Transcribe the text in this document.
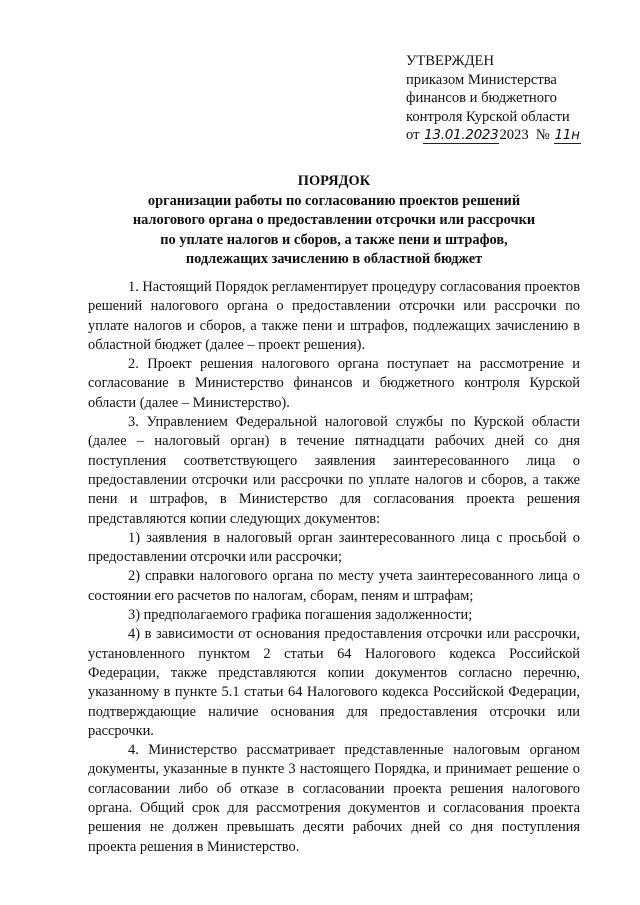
УТВЕРЖДЕН
приказом Министерства
финансов и бюджетного
контроля Курской области
от 13.01.20232023 № 11н
ПОРЯДОК
организации работы по согласованию проектов решений
налогового органа о предоставлении отсрочки или рассрочки
по уплате налогов и сборов, а также пени и штрафов,
подлежащих зачислению в областной бюджет

1. Настоящий Порядок регламентирует процедуру согласования проектов решений налогового органа о предоставлении отсрочки или рассрочки по уплате налогов и сборов, а также пени и штрафов, подлежащих зачислению в областной бюджет (далее – проект решения).

2. Проект решения налогового органа поступает на рассмотрение и согласование в Министерство финансов и бюджетного контроля Курской области (далее – Министерство).

3. Управлением Федеральной налоговой службы по Курской области (далее – налоговый орган) в течение пятнадцати рабочих дней со дня поступления соответствующего заявления заинтересованного лица о предоставлении отсрочки или рассрочки по уплате налогов и сборов, а также пени и штрафов, в Министерство для согласования проекта решения представляются копии следующих документов:

1) заявления в налоговый орган заинтересованного лица с просьбой о предоставлении отсрочки или рассрочки;

2) справки налогового органа по месту учета заинтересованного лица о состоянии его расчетов по налогам, сборам, пеням и штрафам;

3) предполагаемого графика погашения задолженности;

4) в зависимости от основания предоставления отсрочки или рассрочки, установленного пунктом 2 статьи 64 Налогового кодекса Российской Федерации, также представляются копии документов согласно перечню, указанному в пункте 5.1 статьи 64 Налогового кодекса Российской Федерации, подтверждающие наличие основания для предоставления отсрочки или рассрочки.

4. Министерство рассматривает представленные налоговым органом документы, указанные в пункте 3 настоящего Порядка, и принимает решение о согласовании либо об отказе в согласовании проекта решения налогового органа. Общий срок для рассмотрения документов и согласования проекта решения не должен превышать десяти рабочих дней со дня поступления проекта решения в Министерство.
